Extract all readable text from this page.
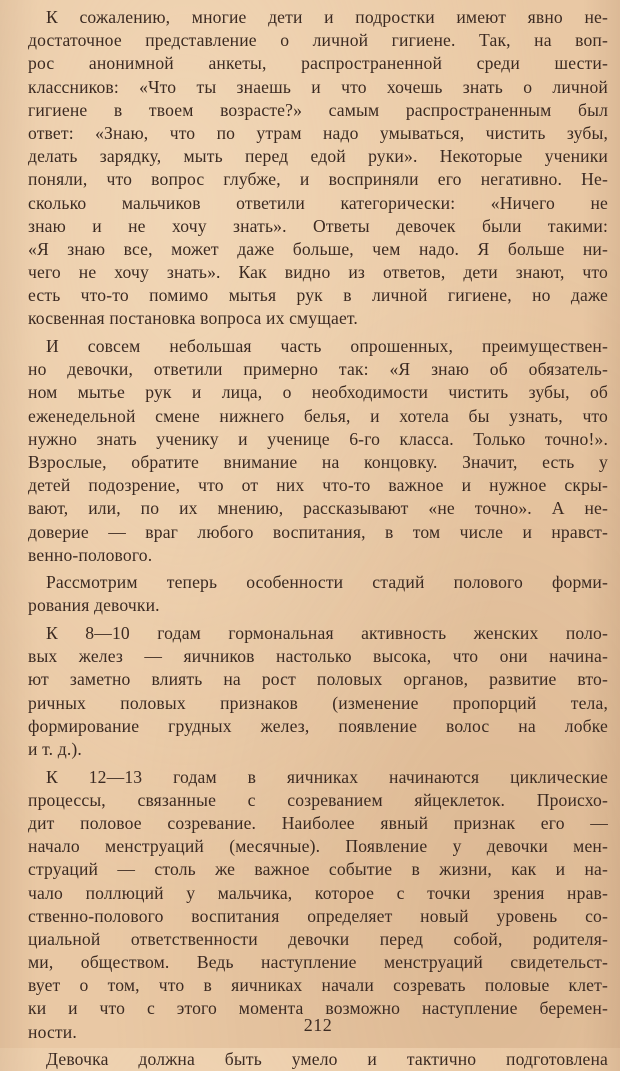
К сожалению, многие дети и подростки имеют явно не-
достаточное представление о личной гигиене. Так, на воп-
рос анонимной анкеты, распространенной среди шести-
классников: «Что ты знаешь и что хочешь знать о личной
гигиене в твоем возрасте?» самым распространенным был
ответ: «Знаю, что по утрам надо умываться, чистить зубы,
делать зарядку, мыть перед едой руки». Некоторые ученики
поняли, что вопрос глубже, и восприняли его негативно. Не-
сколько мальчиков ответили категорически: «Ничего не
знаю и не хочу знать». Ответы девочек были такими:
«Я знаю все, может даже больше, чем надо. Я больше ни-
чего не хочу знать». Как видно из ответов, дети знают, что
есть что-то помимо мытья рук в личной гигиене, но даже
косвенная постановка вопроса их смущает.
И совсем небольшая часть опрошенных, преимуществен-
но девочки, ответили примерно так: «Я знаю об обязатель-
ном мытье рук и лица, о необходимости чистить зубы, об
еженедельной смене нижнего белья, и хотела бы узнать, что
нужно знать ученику и ученице 6-го класса. Только точно!».
Взрослые, обратите внимание на концовку. Значит, есть у
детей подозрение, что от них что-то важное и нужное скры-
вают, или, по их мнению, рассказывают «не точно». А не-
доверие — враг любого воспитания, в том числе и нравст-
венно-полового.
Рассмотрим теперь особенности стадий полового форми-
рования девочки.
К 8—10 годам гормональная активность женских поло-
вых желез — яичников настолько высока, что они начина-
ют заметно влиять на рост половых органов, развитие вто-
ричных половых признаков (изменение пропорций тела,
формирование грудных желез, появление волос на лобке
и т. д.).
К 12—13 годам в яичниках начинаются циклические
процессы, связанные с созреванием яйцеклеток. Происхо-
дит половое созревание. Наиболее явный признак его —
начало менструаций (месячные). Появление у девочки мен-
струаций — столь же важное событие в жизни, как и на-
чало поллюций у мальчика, которое с точки зрения нрав-
ственно-полового воспитания определяет новый уровень со-
циальной ответственности девочки перед собой, родителя-
ми, обществом. Ведь наступление менструаций свидетельст-
вует о том, что в яичниках начали созревать половые клет-
ки и что с этого момента возможно наступление беремен-
ности.
Девочка должна быть умело и тактично подготовлена
212
